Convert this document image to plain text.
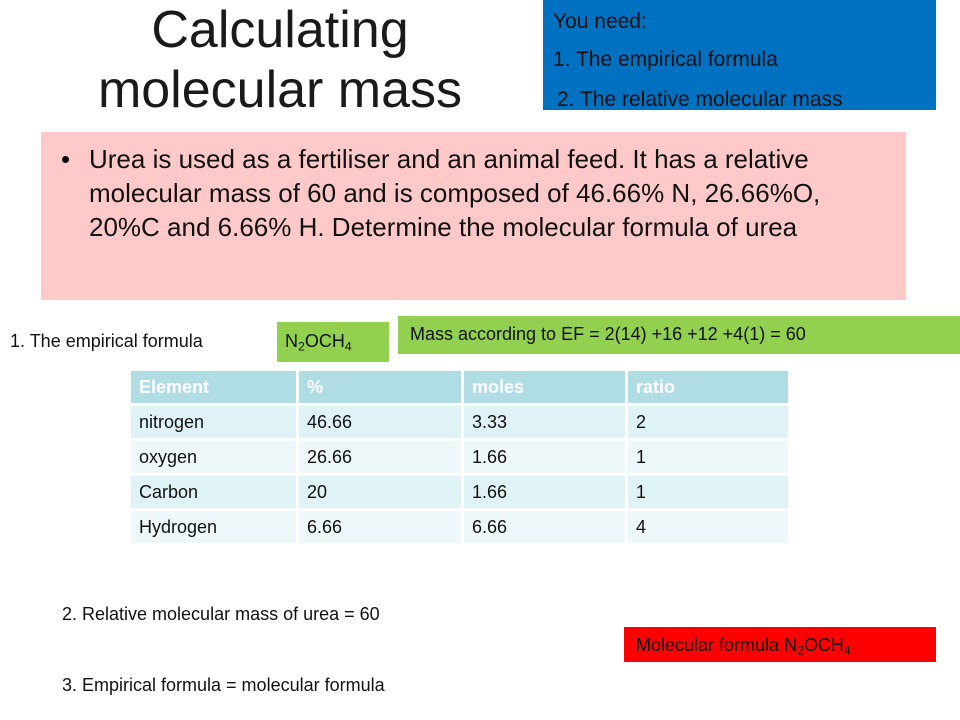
Calculating
molecular mass
You need:
1. The empirical formula
2. The relative molecular mass
• Urea is used as a fertiliser and an animal feed. It has a relative molecular mass of 60 and is composed of 46.66% N, 26.66%O, 20%C and 6.66% H. Determine the molecular formula of urea
1. The empirical formula	$N_2OCH_4$
Mass according to EF = 2(14) +16 +12 +4(1) = 60
Element	%	moles	ratio
nitrogen	46.66	3.33	2
oxygen	26.66	1.66	1
Carbon	20	1.66	1
Hydrogen	6.66	6.66	4
2. Relative molecular mass of urea = 60
Molecular formula $N_2OCH_4$
3. Empirical formula = molecular formula
